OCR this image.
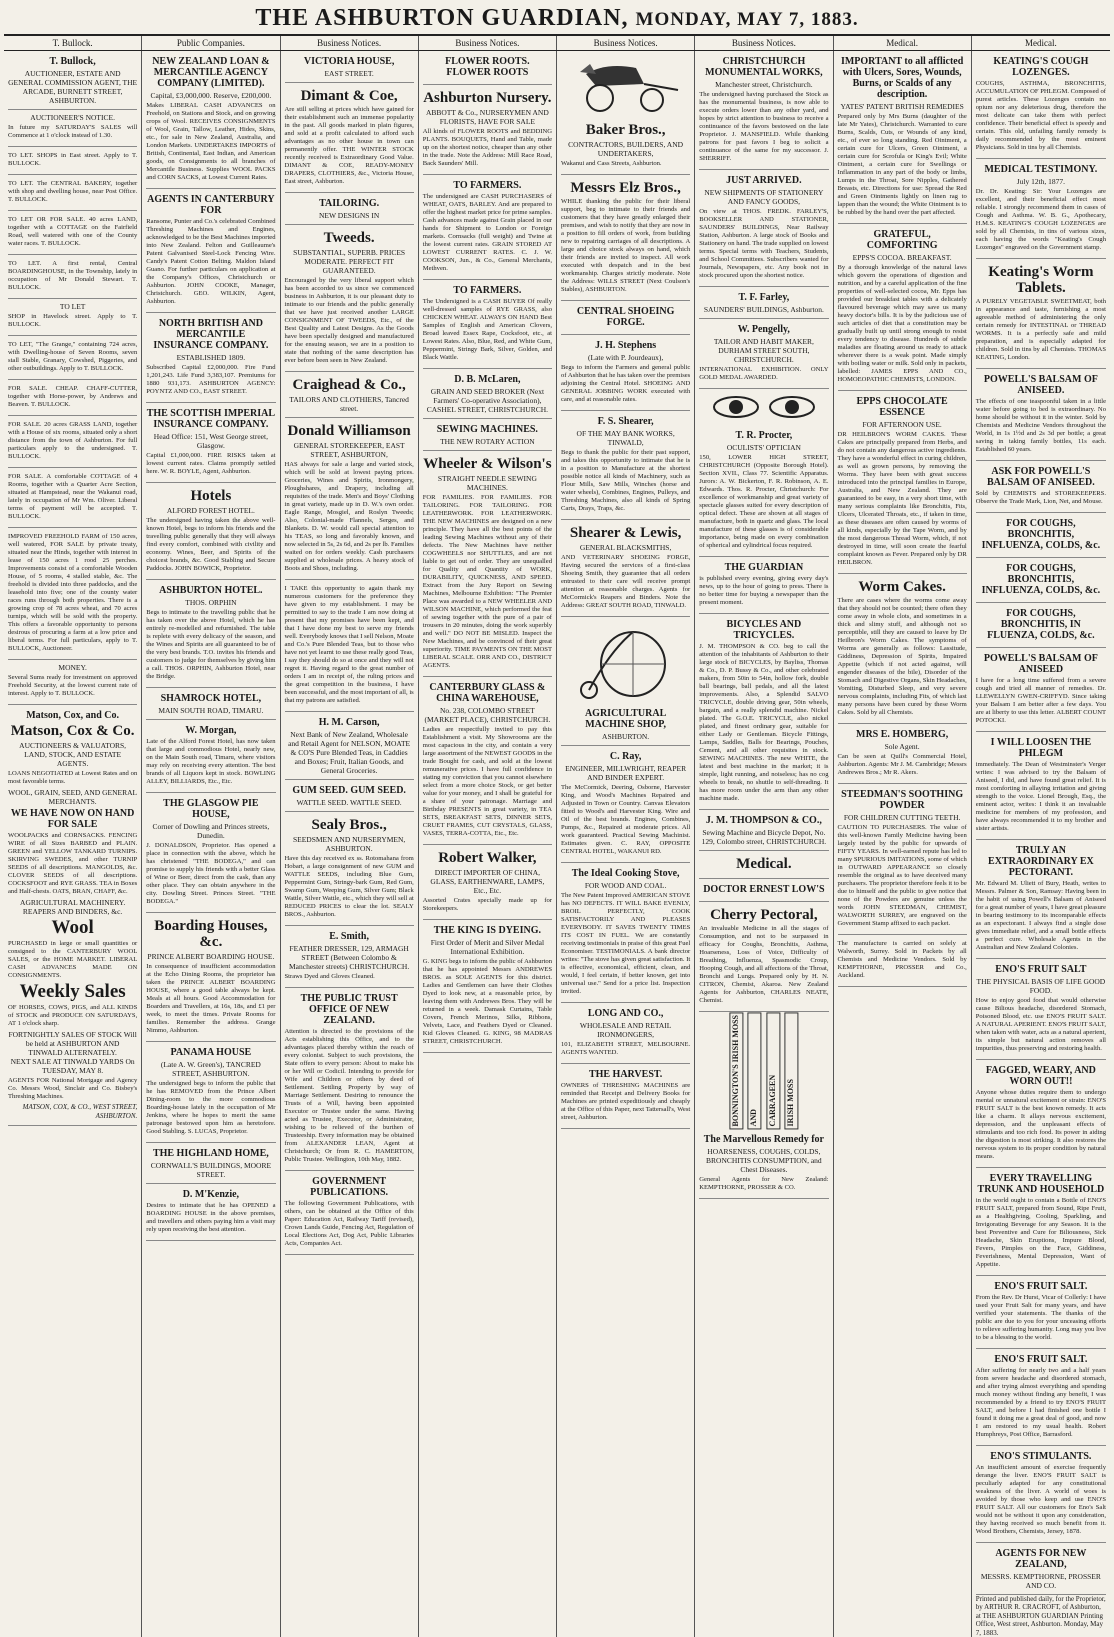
THE ASHBURTON GUARDIAN, MONDAY, MAY 7, 1883.
T. Bullock.	Public Companies.	Business Notices.	Business Notices.	Business Notices.	Business Notices.	Medical.	Medical.
T. Bullock,
AUCTIONEER, ESTATE AND GENERAL COMMISSION AGENT, THE ARCADE, BURNETT STREET, ASHBURTON.
AUCTIONEER'S NOTICE.
In future my SATURDAY'S SALES will Commence at 1 o'clock instead of 1.30.
TO LET. SHOPS in East street. Apply to T. BULLOCK.
TO LET. The CENTRAL BAKERY, together with shop and dwelling house, near Post Office. T. BULLOCK.
TO LET OR FOR SALE. 40 acres LAND, together with a COTTAGE on the Fairfield Road, well watered with one of the County water races. T. BULLOCK.
TO LET. A first rental, Central BOARDINGHOUSE, in the Township, lately in occupation of Mr Donald Stewart. T. BULLOCK.
TO LET
SHOP in Havelock street. Apply to T. BULLOCK.
TO LET, "The Grange," containing 724 acres, with Dwelling-house of Seven Rooms, seven stall Stable, Granary, Cowshed, Piggeries, and other outbuildings. Apply to T. BULLOCK.
FOR SALE. CHEAP. CHAFF-CUTTER, together with Horse-power, by Andrews and Beaven. T. BULLOCK.
FOR SALE. 20 acres GRASS LAND, together with a House of six rooms, situated only a short distance from the town of Ashburton. For full particulars apply to the undersigned. T. BULLOCK.
FOR SALE. A comfortable COTTAGE of 4 Rooms, together with a Quarter Acre Section, situated at Hampstead, near the Wakanui road, lately in occupation of Mr Wm. Oliver. Liberal terms of payment will be accepted. T. BULLOCK.
IMPROVED FREEHOLD FARM of 150 acres, well watered, FOR SALE by private treaty, situated near the Hinds, together with interest in lease of 150 acres 1 rood 25 perches. Improvements consist of a comfortable Wooden House, of 5 rooms, 4 stalled stable, &c. The freehold is divided into three paddocks, and the leasehold into five; one of the county water races runs through both properties. There is a growing crop of 78 acres wheat, and 70 acres turnips, which will be sold with the property. This offers a favorable opportunity to persons desirous of procuring a farm at a low price and liberal terms. For full particulars, apply to T. BULLOCK, Auctioneer.
MONEY.
Several Sums ready for investment on approved Freehold Security, at the lowest current rate of interest. Apply to T. BULLOCK.
Matson, Cox, and Co.
Matson, Cox & Co.
AUCTIONEERS & VALUATORS, LAND, STOCK, AND ESTATE AGENTS.
LOANS NEGOTIATED at Lowest Rates and on most favorable terms.
WOOL, GRAIN, SEED, AND GENERAL MERCHANTS.
WE HAVE NOW ON HAND FOR SALE
WOOLPACKS and CORNSACKS. FENCING WIRE of all Sizes BARBED and PLAIN. GREEN and YELLOW TANKARD TURNIPS. SKIRVING SWEDES, and other TURNIP SEEDS of all descriptions. MANGOLDS, &c. CLOVER SEEDS of all descriptions. COCKSFOOT and RYE GRASS. TEA in Boxes and Half-chests. OATS, BRAN, CHAFF, &c.
AGRICULTURAL MACHINERY. REAPERS AND BINDERS, &c.
Wool
PURCHASED in large or small quantities or consigned to the CANTERBURY WOOL SALES, or the HOME MARKET. LIBERAL CASH ADVANCES MADE ON CONSIGNMENTS.
Weekly Sales
OF HORSES, COWS, PIGS, and ALL KINDS of STOCK and PRODUCE ON SATURDAYS, AT 1 o'clock sharp.
FORTNIGHTLY SALES OF STOCK Will be held at ASHBURTON AND TINWALD ALTERNATELY.
NEXT SALE AT TINWALD YARDS On TUESDAY, MAY 8.
AGENTS FOR National Mortgage and Agency Co. Messrs Wood, Sinclair and Co. Bisbey's Threshing Machines.
MATSON, COX, & CO., WEST STREET, ASHBURTON.
NEW ZEALAND LOAN & MERCANTILE AGENCY COMPANY (LIMITED).
Capital, £3,000,000. Reserve, £200,000.
Makes LIBERAL CASH ADVANCES on Freehold, on Stations and Stock, and on growing crops of Wool. RECEIVES CONSIGNMENTS of Wool, Grain, Tallow, Leather, Hides, Skins, etc., for sale in New Zealand, Australia, and London Markets. UNDERTAKES IMPORTS of British, Continental, East Indian, and American goods, on Consignments to all branches of Mercantile Business. Supplies WOOL PACKS and CORN SACKS, at Lowest Current Rates.
AGENTS IN CANTERBURY FOR
Ransome, Punter and Co.'s celebrated Combined Threshing Machines and Engines, acknowledged to be the Best Machines imported into New Zealand. Felton and Guilleaume's Patent Galvanised Steel-Lock Fencing Wire. Candy's Patent Cotton Belting. Maldon Island Guano. For further particulars on application at the Company's Offices, Christchurch or Ashburton. JOHN COOKE, Manager, Christchurch. GEO. WILKIN, Agent, Ashburton.
NORTH BRITISH AND MERCANTILE INSURANCE COMPANY.
ESTABLISHED 1809.
Subscribed Capital £2,000,000. Fire Fund 1,201,243. Life Fund 3,383,107. Premiums for 1880 931,173. ASHBURTON AGENCY: POYNTZ AND CO., EAST STREET.
THE SCOTTISH IMPERIAL INSURANCE COMPANY.
Head Office: 151, West George street, Glasgow.
Capital £1,000,000. FIRE RISKS taken at lowest current rates. Claims promptly settled here. W. R. BOYLE, Agent, Ashburton.
Hotels
ALFORD FOREST HOTEL.
The undersigned having taken the above well-known Hotel, begs to inform his friends and the travelling public generally that they will always find every comfort, combined with civility and economy. Wines, Beer, and Spirits of the choicest brands, &c. Good Stabling and Secure Paddocks. JOHN BOWICK, Proprietor.
ASHBURTON HOTEL.
THOS. ORPHIN
Begs to intimate to the travelling public that he has taken over the above Hotel, which he has entirely re-modelled and refurnished. The table is replete with every delicacy of the season, and the Wines and Spirits are all guaranteed to be of the very best brands. T.O. invites his friends and customers to judge for themselves by giving him a call. THOS. ORPHIN, Ashburton Hotel, near the Bridge.
SHAMROCK HOTEL,
MAIN SOUTH ROAD, TIMARU.
W. Morgan,
Late of the Alford Forest Hotel, has now taken that large and commodious Hotel, nearly new, on the Main South road, Timaru, where visitors may rely on receiving every attention. The best brands of all Liquors kept in stock. BOWLING ALLEY, BILLIARDS, Etc., Etc.
THE GLASGOW PIE HOUSE,
Corner of Dowling and Princes streets, Dunedin.
J. DONALDSON, Proprietor. Has opened a place in connection with the above, which he has christened "THE BODEGA," and can promise to supply his friends with a better Glass of Wine or Beer, direct from the cask, than any other place. They can obtain anywhere in the city. Dowling Street. Princes Street. "THE BODEGA."
Boarding Houses, &c.
PRINCE ALBERT BOARDING HOUSE.
In consequence of insufficient accommodation at the Echo Dining Rooms, the proprietor has taken the PRINCE ALBERT BOARDING HOUSE, where a good table always be kept. Meals at all hours. Good Accommodation for Boarders and Travellers, at 16s, 18s, and £1 per week, to meet the times. Private Rooms for families. Remember the address. Grange Nimmo, Ashburton.
PANAMA HOUSE
(Late A. W. Green's), TANCRED STREET, ASHBURTON.
The undersigned begs to inform the public that he has REMOVED from the Prince Albert Dining-room to the more commodious Boarding-house lately in the occupation of Mr Jenkins, where he hopes to merit the same patronage bestowed upon him as heretofore. Good Stabling. S. LUCAS, Proprietor.
THE HIGHLAND HOME,
CORNWALL'S BUILDINGS, MOORE STREET.
D. M'Kenzie,
Desires to intimate that he has OPENED a BOARDING HOUSE in the above premises, and travellers and others paying him a visit may rely upon receiving the best attention.
VICTORIA HOUSE,
EAST STREET.
Dimant & Coe,
Are still selling at prices which have gained for their establishment such an immense popularity in the past. All goods marked in plain figures, and sold at a profit calculated to afford such advantages as no other house in town can permanently offer. THE WINTER STOCK recently received is Extraordinary Good Value. DIMANT & COE, READY-MONEY DRAPERS, CLOTHIERS, &c., Victoria House, East street, Ashburton.
TAILORING.
NEW DESIGNS IN
Tweeds.
SUBSTANTIAL, SUPERB. PRICES MODERATE. PERFECT FIT GUARANTEED.
Encouraged by the very liberal support which has been accorded to us since we commenced business in Ashburton, it is our pleasant duty to intimate to our friends and the public generally that we have just received another LARGE CONSIGNMENT OF TWEEDS, Etc., of the Best Quality and Latest Designs. As the Goods have been specially designed and manufactured for the ensuing season, we are in a position to state that nothing of the same description has ever before been seen in New Zealand.
Craighead & Co.,
TAILORS AND CLOTHIERS, Tancred street.
Donald Williamson
GENERAL STOREKEEPER, EAST STREET, ASHBURTON,
HAS always for sale a large and varied stock, which will be sold at lowest paying prices. Groceries, Wines and Spirits, Ironmongery, Ploughshares, and Drapery, including all requisites of the trade. Men's and Boys' Clothing in great variety, made up in D. W.'s own order. Eagle Range, Mosgiel, and Roslyn Tweeds; Also, Colonial-made Flannels, Serges, and Blankets. D. W. would call special attention to his TEAS, so long and favorably known, and now selected in 5s, 2s 6d, and 2s per lb. Families waited on for orders weekly. Cash purchasers supplied at wholesale prices. A heavy stock of Boots and Shoes, including.
I TAKE this opportunity to again thank my numerous customers for the preference they have given to my establishment. I may be permitted to say to the trade I am now doing at present that my promises have been kept, and that I have done my best to serve my friends well. Everybody knows that I sell Nelson, Moate and Co.'s Pure Blended Teas, but to those who have not yet learnt to use these really good Teas, I say they should do so at once and they will not regret it. Having regard to the great number of orders I am in receipt of, the ruling prices and the great competition in the business, I have been successful, and the most important of all, is that my patrons are satisfied.
H. M. Carson,
Next Bank of New Zealand, Wholesale and Retail Agent for NELSON, MOATE & CO'S Pure Blended Teas, in Caddies and Boxes; Fruit, Italian Goods, and General Groceries.
GUM SEED. GUM SEED.
WATTLE SEED. WATTLE SEED.
Sealy Bros.,
SEEDSMEN AND NURSERYMEN, ASHBURTON.
Have this day received ex ss. Rotomahana from Hobart, a large consignment of new GUM and WATTLE SEEDS, including Blue Gum, Peppermint Gum, Stringy-bark Gum, Red Gum, Swamp Gum, Weeping Gum, Silver Gum; Black Wattle, Silver Wattle, etc., which they will sell at REDUCED PRICES to clear the lot. SEALY BROS., Ashburton.
E. Smith,
FEATHER DRESSER, 129, ARMAGH STREET (Between Colombo & Manchester streets) CHRISTCHURCH.
Straws Dyed and Gloves Cleaned.
THE PUBLIC TRUST OFFICE OF NEW ZEALAND.
Attention is directed to the provisions of the Acts establishing this Office, and to the advantages placed thereby within the reach of every colonist. Subject to such provisions, the State offers to every person: About to make his or her Will or Codicil. Intending to provide for Wife and Children or others by deed of Settlement. Settling Property by way of Marriage Settlement. Desiring to renounce the Trusts of a Will, having been appointed Executor or Trustee under the same. Having acted as Trustee, Executor, or Administrator, wishing to be relieved of the burthen of Trusteeship. Every information may be obtained from ALEXANDER LEAN, Agent at Christchurch; Or from R. C. HAMERTON, Public Trustee. Wellington, 10th May, 1882.
GOVERNMENT PUBLICATIONS.
The following Government Publications, with others, can be obtained at the Office of this Paper: Education Act, Railway Tariff (revised), Crown Lands Guide, Fencing Act, Regulation of Local Elections Act, Dog Act, Public Libraries Acts, Companies Act.
FLOWER ROOTS. FLOWER ROOTS
Ashburton Nursery.
ABBOTT & Co., NURSERYMEN AND FLORISTS, HAVE FOR SALE
All kinds of FLOWER ROOTS and BEDDING PLANTS. BOUQUETS, Hand and Table, made up on the shortest notice, cheaper than any other in the trade. Note the Address: Mill Race Road, Back Saunders' Mill.
TO FARMERS.
The undersigned are CASH PURCHASERS of WHEAT, OATS, BARLEY. And are prepared to offer the highest market price for prime samples. Cash advances made against Grain placed in our hands for Shipment to London or Foreign markets. Cornsacks (full weight) and Twine at the lowest current rates. GRAIN STORED AT LOWEST CURRENT RATES. C. J. W. COOKSON, Jun., & Co., General Merchants, Methven.
TO FARMERS.
The Undersigned is a CASH BUYER Of really well-dressed samples of RYE GRASS, also CHICKEN WHEAT. ALWAYS ON HAND Best Samples of English and American Clovers, Broad leaved Essex Rape, Cocksfoot, etc., at Lowest Rates. Also, Blue, Red, and White Gum, Peppermint, Stringy Bark, Silver, Golden, and Black Wattle.
D. B. McLaren,
GRAIN AND SEED BROKER (Next Farmers' Co-operative Association), CASHEL STREET, CHRISTCHURCH.
SEWING MACHINES.
THE NEW ROTARY ACTION
Wheeler & Wilson's
STRAIGHT NEEDLE SEWING MACHINES.
FOR FAMILIES. FOR FAMILIES. FOR TAILORING. FOR TAILORING. FOR LEATHERWORK. FOR LEATHERWORK. THE NEW MACHINES are designed on a new principle. They have all the best points of the leading Sewing Machines without any of their defects. The New Machines have neither COGWHEELS nor SHUTTLES, and are not liable to get out of order. They are unequalled for Quality and Quantity of WORK, DURABILITY, QUICKNESS, AND SPEED. Extract from the Jury Report on Sewing Machines, Melbourne Exhibition: "The Premier Place was awarded to a NEW WHEELER AND WILSON MACHINE, which performed the feat of sewing together with the pure of a pair of trousers in 20 minutes, doing the work superbly and well." DO NOT BE MISLED. Inspect the New Machines, and be convinced of their great superiority. TIME PAYMENTS ON THE MOST LIBERAL SCALE. ORR AND CO., DISTRICT AGENTS.
CANTERBURY GLASS & CHINA WAREHOUSE,
No. 238, COLOMBO STREET (MARKET PLACE), CHRISTCHURCH.
Ladies are respectfully invited to pay this Establishment a visit. My Showrooms are the most capacious in the city, and contain a very large assortment of the NEWEST GOODS in the trade Bought for cash, and sold at the lowest remunerative prices. I have full confidence in stating my conviction that you cannot elsewhere select from a more choice Stock, or get better value for your money, and I shall be grateful for a share of your patronage. Marriage and Birthday PRESENTS in great variety, in TEA SETS, BREAKFAST SETS, DINNER SETS, CRUET FRAMES, CUT CRYSTALS, GLASS, VASES, TERRA-COTTA, Etc., Etc.
Robert Walker,
DIRECT IMPORTER OF CHINA, GLASS, EARTHENWARE, LAMPS, Etc., Etc.
Assorted Crates specially made up for Storekeepers.
THE KING IS DYEING.
First Order of Merit and Silver Medal International Exhibition.
G. KING begs to inform the public of Ashburton that he has appointed Messrs ANDREWES BROS. as SOLE AGENTS for this district. Ladies and Gentlemen can have their Clothes Dyed to look new, at a reasonable price, by leaving them with Andrewes Bros. They will be returned in a week. Damask Curtains, Table Covers, French Merinos, Silks, Ribbons, Velvets, Lace, and Feathers Dyed or Cleaned. Kid Gloves Cleaned. G. KING, 98 MADRAS STREET, CHRISTCHURCH.
Baker Bros.,
CONTRACTORS, BUILDERS, AND UNDERTAKERS,
Wakanui and Cass Streets, Ashburton.
Messrs Elz Bros.,
WHILE thanking the public for their liberal support, beg to intimate to their friends and customers that they have greatly enlarged their premises, and wish to notify that they are now in a position to fill orders of work, from building new to repairing carriages of all descriptions. A large and choice stock always on hand, which their friends are invited to inspect. All work executed with despatch and in the best workmanship. Charges strictly moderate. Note the Address: WILLS STREET (Next Coulson's Stables), ASHBURTON.
CENTRAL SHOEING FORGE.
J. H. Stephens
(Late with P. Jourdeaux),
Begs to inform the Farmers and general public of Ashburton that he has taken over the premises adjoining the Central Hotel. SHOEING AND GENERAL JOBBING WORK executed with care, and at reasonable rates.
F. S. Shearer,
OF THE MAY BANK WORKS, TINWALD,
Begs to thank the public for their past support, and takes this opportunity to intimate that he is in a position to Manufacture at the shortest possible notice all kinds of Machinery, such as Flour Mills, Saw Mills, Winches (horse and water wheels), Combines, Engines, Pulleys, and Threshing Machines, also all kinds of Spring Carts, Drays, Traps, &c.
Shearer & Lewis,
GENERAL BLACKSMITHS,
AND VETERINARY SHOEING FORGE, Having secured the services of a first-class Shoeing Smith, they guarantee that all orders entrusted to their care will receive prompt attention at reasonable charges. Agents for McCormick's Reapers and Binders. Note the Address: GREAT SOUTH ROAD, TINWALD.
AGRICULTURAL MACHINE SHOP,
ASHBURTON.
C. Ray,
ENGINEER, MILLWRIGHT, REAPER AND BINDER EXPERT.
The McCormick, Deering, Osborne, Harvester King, and Wood's Machines Repaired and Adjusted in Town or Country. Canvas Elevators fitted to Wood's and Harvester King. Wire and Oil of the best brands. Engines, Combines, Pumps, &c., Repaired at moderate prices. All work guaranteed. Practical Sewing Machinist. Estimates given. C. RAY, OPPOSITE CENTRAL HOTEL, WAKANUI RD.
The Ideal Cooking Stove,
FOR WOOD AND COAL.
The New Patent Improved AMERICAN STOVE has NO DEFECTS. IT WILL BAKE EVENLY, BROIL PERFECTLY, COOK SATISFACTORILY AND PLEASES EVERYBODY. IT SAVES TWENTY TIMES ITS COST IN FUEL. We are constantly receiving testimonials in praise of this great Fuel Economiser. TESTIMONIALS. A bank director writes: "The stove has given great satisfaction. It is effective, economical, efficient, clean, and would, I feel certain, if better known, get into universal use." Send for a price list. Inspection invited.
LONG AND CO.,
WHOLESALE AND RETAIL IRONMONGERS,
101, ELIZABETH STREET, MELBOURNE. AGENTS WANTED.
THE HARVEST.
OWNERS of THRESHING MACHINES are reminded that Receipt and Delivery Books for Machines are printed expeditiously and cheaply at the Office of this Paper, next Tattersall's, West street, Ashburton.
CHRISTCHURCH MONUMENTAL WORKS,
Manchester street, Christchurch.
The undersigned having purchased the Stock as has the monumental business, is now able to execute orders lower than any other yard, and hopes by strict attention to business to receive a continuance of the favors bestowed on the late Proprietor. J. MANSFIELD. While thanking patrons for past favors I beg to solicit a continuance of the same for my successor. J. SHERRIFF.
JUST ARRIVED.
NEW SHIPMENTS OF STATIONERY AND FANCY GOODS,
On view at THOS. FREDK. FARLEY'S, BOOKSELLER AND STATIONER, SAUNDERS' BUILDINGS, Near Railway Station, Ashburton. A large stock of Books and Stationery on hand. The trade supplied on lowest terms. Special terms with Teachers, Students, and School Committees. Subscribers wanted for Journals, Newspapers, etc. Any book not in stock procured upon the shortest notice.
T. F. Farley,
SAUNDERS' BUILDINGS, Ashburton.
W. Pengelly,
TAILOR AND HABIT MAKER, DURHAM STREET SOUTH, CHRISTCHURCH.
INTERNATIONAL EXHIBITION. ONLY GOLD MEDAL AWARDED.
T. R. Procter,
OCULISTS' OPTICIAN
150, LOWER HIGH STREET, CHRISTCHURCH (Opposite Borough Hotel). Section XVII., Class 77. Scientific Apparatus. Jurors: A. W. Bickerton, F. R. Robinson, A. E. Edwards. Thos. R. Procter, Christchurch: For excellence of workmanship and great variety of spectacle glasses suited for every description of optical defect. These are shown at all stages of manufacture, both in quartz and glass. The local manufacture of these glasses is of considerable importance, being made on every combination of spherical and cylindrical focus required.
THE GUARDIAN
is published every evening, giving every day's news, up to the hour of going to press. There is no better time for buying a newspaper than the present moment.
BICYCLES AND TRICYCLES.
J. M. THOMPSON & CO. beg to call the attention of the inhabitants of Ashburton to their large stock of BICYCLES, by Bayliss, Thomas & Co., D. P. Bussy & Co., and other celebrated makers, from 50in to 54in, hollow fork, double ball bearings, ball pedals, and all the latest improvements. Also, a Splendid SALVO TRICYCLE, double driving gear, 50in wheels, bargain, and a really splendid machine. Nickel plated. The G.O.E. TRICYCLE, also nickel plated, and finest ordinary gear, suitable for either Lady or Gentleman. Bicycle Fittings, Lamps, Saddles, Balls for Bearings, Pouches, Cement, and all other requisites in stock. SEWING MACHINES. The new WHITE, the latest and best machine in the market; it is simple, light running, and noiseless; has no cog wheels to break, no shuttle to self-threading. It has more room under the arm than any other machine made.
J. M. THOMPSON & CO.,
Sewing Machine and Bicycle Depot, No. 129, Colombo street, CHRISTCHURCH.
Medical.
DOCTOR ERNEST LOW'S
Cherry Pectoral,
An invaluable Medicine in all the stages of Consumption, and not to be surpassed in efficacy for Coughs, Bronchitis, Asthma, Hoarseness, Loss of Voice, Difficulty of Breathing, Influenza, Spasmodic Croup, Hooping Cough, and all affections of the Throat, Bronchi and Lungs. Prepared only by H. N. CITRON, Chemist, Akaroa. New Zealand Agents for Ashburton, CHARLES NEATE, Chemist.
BONNINGTON'S IRISH MOSS	AND	CARRAGEEN	IRISH MOSS
The Marvellous Remedy for
HOARSENESS, COUGHS, COLDS, BRONCHITIS CONSUMPTION, and Chest Diseases.
General Agents for New Zealand: KEMPTHORNE, PROSSER & CO.
IMPORTANT to all afflicted with Ulcers, Sores, Wounds, Burns, or Scalds of any description.
YATES' PATENT BRITISH REMEDIES
Prepared only by Mrs Burns (daughter of the late Mr Yates), Christchurch. Warranted to cure Burns, Scalds, Cuts, or Wounds of any kind, etc., of ever so long standing. Red Ointment, a certain cure for Ulcers, Green Ointment, a certain cure for Scrofula or King's Evil; White Ointment, a certain cure for Swellings or Inflammation in any part of the body or limbs, Lumps in the Throat, Sore Nipples, Gathered Breasts, etc. Directions for use: Spread the Red and Green Ointments lightly on linen rag to lappen than the wound; the White Ointment is to be rubbed by the hand over the part affected.
GRATEFUL, COMFORTING
EPPS'S COCOA. BREAKFAST.
By a thorough knowledge of the natural laws which govern the operations of digestion and nutrition, and by a careful application of the fine properties of well-selected cocoa, Mr. Epps has provided our breakfast tables with a delicately flavoured beverage which may save us many heavy doctor's bills. It is by the judicious use of such articles of diet that a constitution may be gradually built up until strong enough to resist every tendency to disease. Hundreds of subtle maladies are floating around us ready to attack wherever there is a weak point. Made simply with boiling water or milk. Sold only in packets, labelled: JAMES EPPS AND CO., HOMOEOPATHIC CHEMISTS, LONDON.
EPPS CHOCOLATE ESSENCE
FOR AFTERNOON USE.
DR HEILBRON'S WORM CAKES. These Cakes are principally prepared from Herbs, and do not contain any dangerous active ingredients. They have a wonderful effect in curing children, as well as grown persons, by removing the Worms. They have been with great success introduced into the principal families in Europe, Australia, and New Zealand. They are guaranteed to be easy, in a very short time, with many serious complaints like Bronchitis, Fits, Ulcers, Ulcerated Throats, etc., if taken in time, as these diseases are often caused by worms of all kinds, especially by the Tape Worm, and by the most dangerous Thread Worm, which, if not destroyed in time, will soon create the fearful complaint known as Fever. Prepared only by DR HEILBRON.
Worm Cakes.
There are cases where the worms come away that they should not be counted; there often they come away in whole clots, and sometimes in a thick and slimy stuff, and although not so perceptible, still they are caused to leave by Dr Heilbron's Worm Cakes. The symptoms of Worms are generally as follows: Lassitude, Giddiness, Depression of Spirits, Impaired Appetite (which if not acted against, will engender diseases of the bile), Disorder of the Stomach and Digestive Organs, Skin Headaches, Vomiting, Disturbed Sleep, and very severe nervous complaints, including Fits, of which last many persons have been cured by these Worm Cakes. Sold by all Chemists.
MRS E. HOMBERG,
Sole Agent.
Can be seen at Quill's Commercial Hotel, Ashburton. Agents: Mr J. M. Cambridge; Messrs Andrewes Bros.; Mr R. Akers.
STEEDMAN'S SOOTHING POWDER
FOR CHILDREN CUTTING TEETH.
CAUTION TO PURCHASERS. The value of this well-known Family Medicine having been largely tested by the public for upwards of FIFTY YEARS. In well-earned repute has led to many SPURIOUS IMITATIONS, some of which in OUTWARD APPEARANCE so closely resemble the original as to have deceived many purchasers. The proprietor therefore feels it to be due to himself and the public to give notice that none of the Powders are genuine unless the words JOHN STEEDMAN, CHEMIST, WALWORTH SURREY, are engraved on the Government Stamp affixed to each packet.
The manufacture is carried on solely at Walworth, Surrey. Sold in Packets by all Chemists and Medicine Vendors. Sold by KEMPTHORNE, PROSSER and Co., Auckland.
KEATING'S COUGH LOZENGES.
COUGHS, ASTHMA, BRONCHITIS, ACCUMULATION OF PHLEGM. Composed of purest articles. These Lozenges contain no opium nor any deleterious drug, therefore the most delicate can take them with perfect confidence. Their beneficial effect is speedy and certain. This old, unfailing family remedy is daily recommended by the most eminent Physicians. Sold in tins by all Chemists.
MEDICAL TESTIMONY.
July 12th, 1877.
Dr. Dr. Keating: Sir: Your Lozenges are excellent, and their beneficial effect most reliable. I strongly recommend them in cases of Cough and Asthma. W. B. G., Apothecary, H.M.S. KEATING'S COUGH LOZENGES are sold by all Chemists, in tins of various sizes, each having the words "Keating's Cough Lozenges" engraved on the Government stamp.
Keating's Worm Tablets.
A PURELY VEGETABLE SWEETMEAT, both in appearance and taste, furnishing a most agreeable method of administering the only certain remedy for INTESTINAL or THREAD WORMS. It is a perfectly safe and mild preparation, and is especially adapted for children. Sold in tins by all Chemists. THOMAS KEATING, London.
POWELL'S BALSAM OF ANISEED.
The effects of one teaspoonful taken in a little water before going to bed is extraordinary. No home should be without it in the winter. Sold by Chemists and Medicine Vendors throughout the World, in 1s 1½d and 2s 3d per bottle; a great saving in taking family bottles, 11s each. Established 60 years.
ASK FOR POWELL'S BALSAM OF ANISEED.
Sold by CHEMISTS and STOREKEEPERS. Observe the Trade Mark, Lion, Net, and Mouse.
FOR COUGHS, BRONCHITIS, INFLUENZA, COLDS, &c.
FOR COUGHS, BRONCHITIS, INFLUENZA, COLDS, &c.
FOR COUGHS, BRONCHITIS, IN FLUENZA, COLDS, &c.
POWELL'S BALSAM OF ANISEED
I have for a long time suffered from a severe cough and tried all manner of remedies. Dr. LLEWELLYN GWEN-CRIFFYD. Since taking your Balsam I am better after a few days. You are at liberty to use this letter. ALBERT COUNT POTOCKI.
I WILL LOOSEN THE PHLEGM
immediately. The Dean of Westminster's Verger writes: I was advised to try the Balsam of Aniseed, I did, and have found great relief. It is most comforting in allaying irritation and giving strength to the voice. Lionel Brough, Esq., the eminent actor, writes: I think it an invaluable medicine for members of my profession, and have always recommended it to my brother and sister artists.
TRULY AN EXTRAORDINARY EX PECTORANT.
Mr. Edward M. Uliett of Bury, Heath, writes to Messrs. Palmer & Son, Ramsay: Having been in the habit of using Powell's Balsam of Aniseed for a great number of years, I have great pleasure in bearing testimony to its incomparable effects as an expectorant. I always find a single dose gives immediate relief, and a small bottle effects a perfect cure. Wholesale Agents in the Australian and New Zealand Colonies.
ENO'S FRUIT SALT
THE PHYSICAL BASIS OF LIFE GOOD FOOD.
How to enjoy good food that would otherwise cause Bilious headache, disordered Stomach, Poisoned Blood, etc. use ENO'S FRUIT SALT. A NATURAL APERIENT. ENO'S FRUIT SALT, when taken with water, acts as a natural aperient, its simple but natural action removes all impurities, thus preserving and restoring health.
FAGGED, WEARY, AND WORN OUT!!
Anyone whose duties require them to undergo mental or unnatural excitement or strain: ENO'S FRUIT SALT is the best known remedy. It acts like a charm. It allays nervous excitement, depression, and the unpleasant effects of stimulants and too rich food. Its power in aiding the digestion is most striking. It also restores the nervous system to its proper condition by natural means.
EVERY TRAVELLING TRUNK AND HOUSEHOLD
in the world ought to contain a Bottle of ENO'S FRUIT SALT, prepared from Sound, Ripe Fruit, as a Healthgiving, Cooling, Sparkling, and Invigorating Beverage for any Season. It is the best Preventive and Cure for Biliousness, Sick Headache, Skin Eruptions, Impure Blood, Fevers, Pimples on the Face, Giddiness, Feverishness, Mental Depression, Want of Appetite.
ENO'S FRUIT SALT.
From the Rev. Dr Hurst, Vicar of Collerly: I have used your Fruit Salt for many years, and have verified your statements. The thanks of the public are due to you for your unceasing efforts to relieve suffering humanity. Long may you live to be a blessing to the world.
ENO'S FRUIT SALT.
After suffering for nearly two and a half years from severe headache and disordered stomach, and after trying almost everything and spending much money without finding any benefit, I was recommended by a friend to try ENO'S FRUIT SALT, and before I had finished one bottle I found it doing me a great deal of good, and now I am restored to my usual health. Robert Humphreys, Post Office, Barrasford.
ENO'S STIMULANTS.
An insufficient amount of exercise frequently derange the liver. ENO'S FRUIT SALT is peculiarly adapted for any constitutional weakness of the liver. A world of woes is avoided by those who keep and use ENO'S FRUIT SALT. All our customers for Eno's Salt would not be without it upon any consideration, they having received so much benefit from it. Wood Brothers, Chemists, Jersey, 1878.
AGENTS FOR NEW ZEALAND,
MESSRS. KEMPTHORNE, PROSSER AND CO.
Printed and published daily, for the Proprietor, by ARTHUR R. CRACROFT, of Ashburton, at THE ASHBURTON GUARDIAN Printing Office, West street, Ashburton. Monday, May 7, 1883.
